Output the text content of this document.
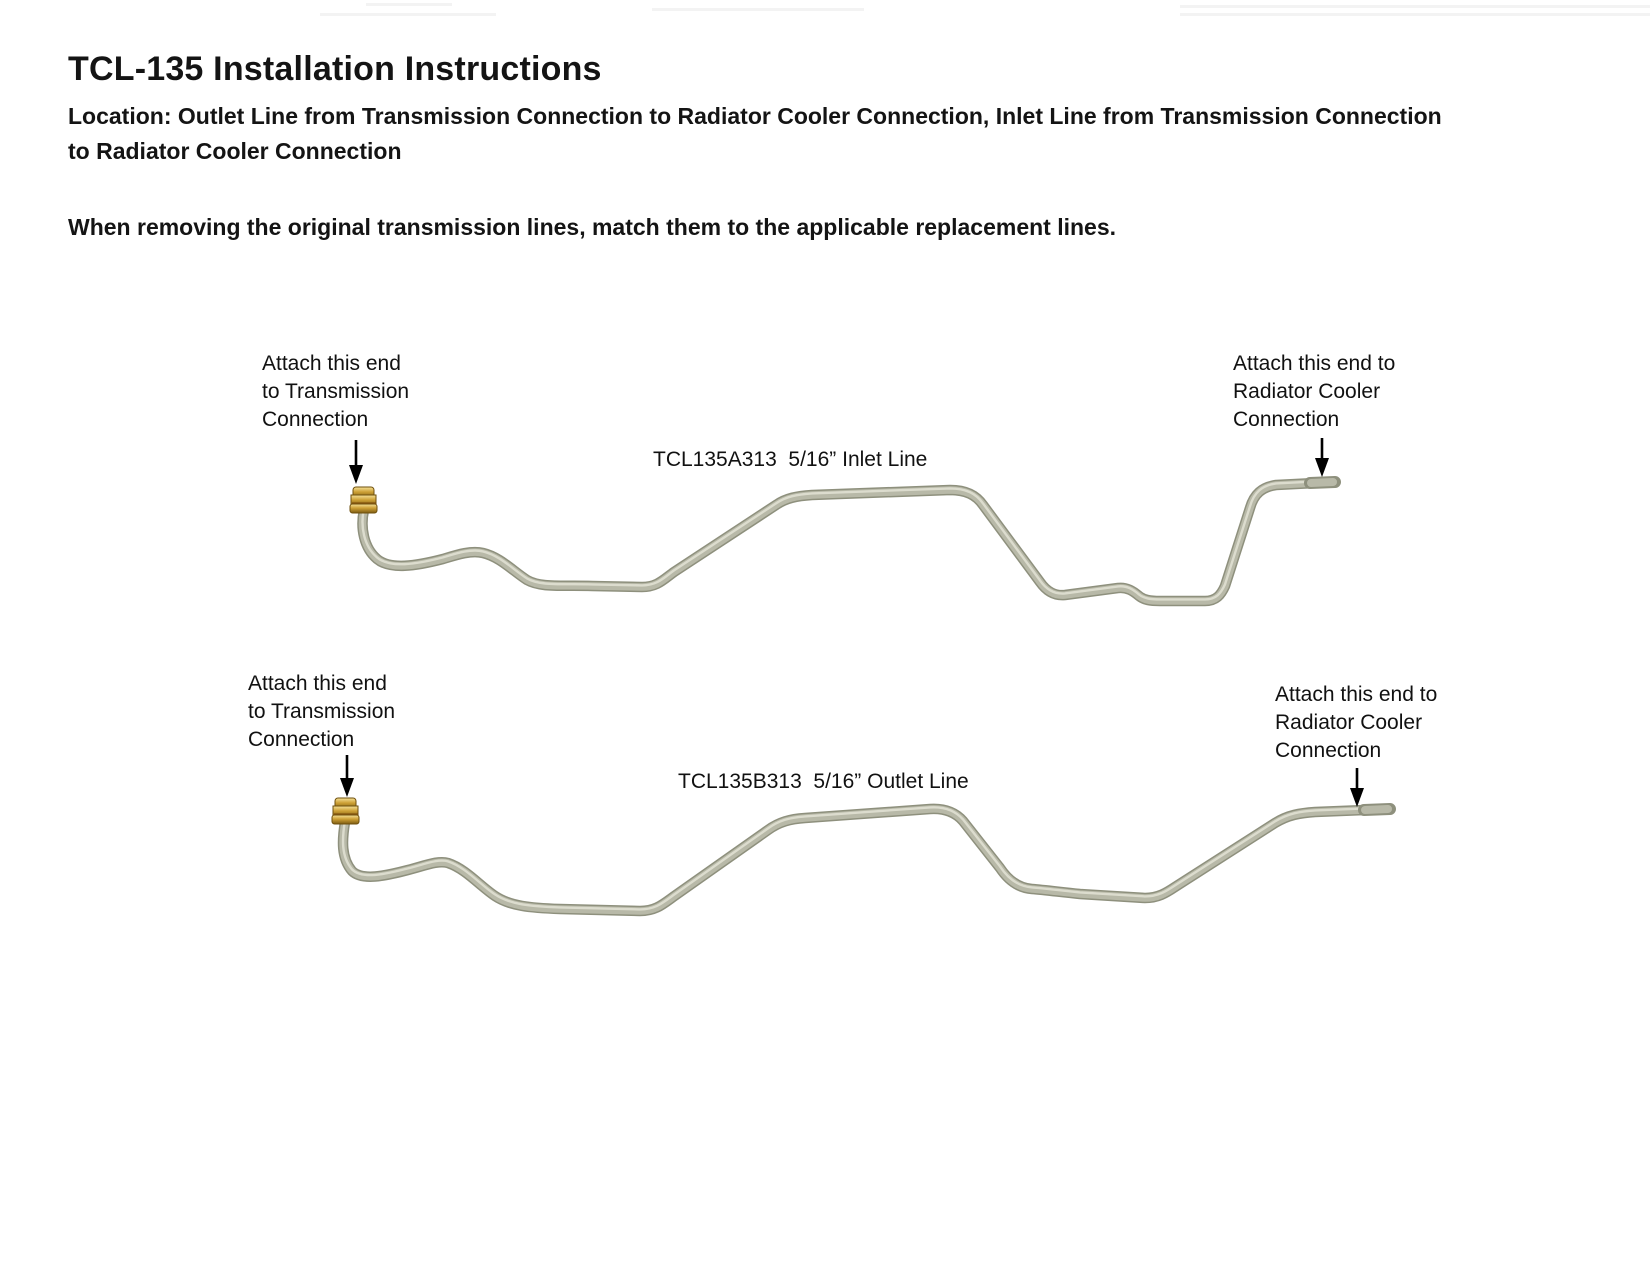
TCL-135 Installation Instructions
Location: Outlet Line from Transmission Connection to Radiator Cooler Connection, Inlet Line from Transmission Connection
to Radiator Cooler Connection
When removing the original transmission lines, match them to the applicable replacement lines.
Attach this end
to Transmission
Connection
Attach this end to
Radiator Cooler
Connection
TCL135A313  5/16” Inlet Line
Attach this end
to Transmission
Connection
Attach this end to
Radiator Cooler
Connection
TCL135B313  5/16” Outlet Line
